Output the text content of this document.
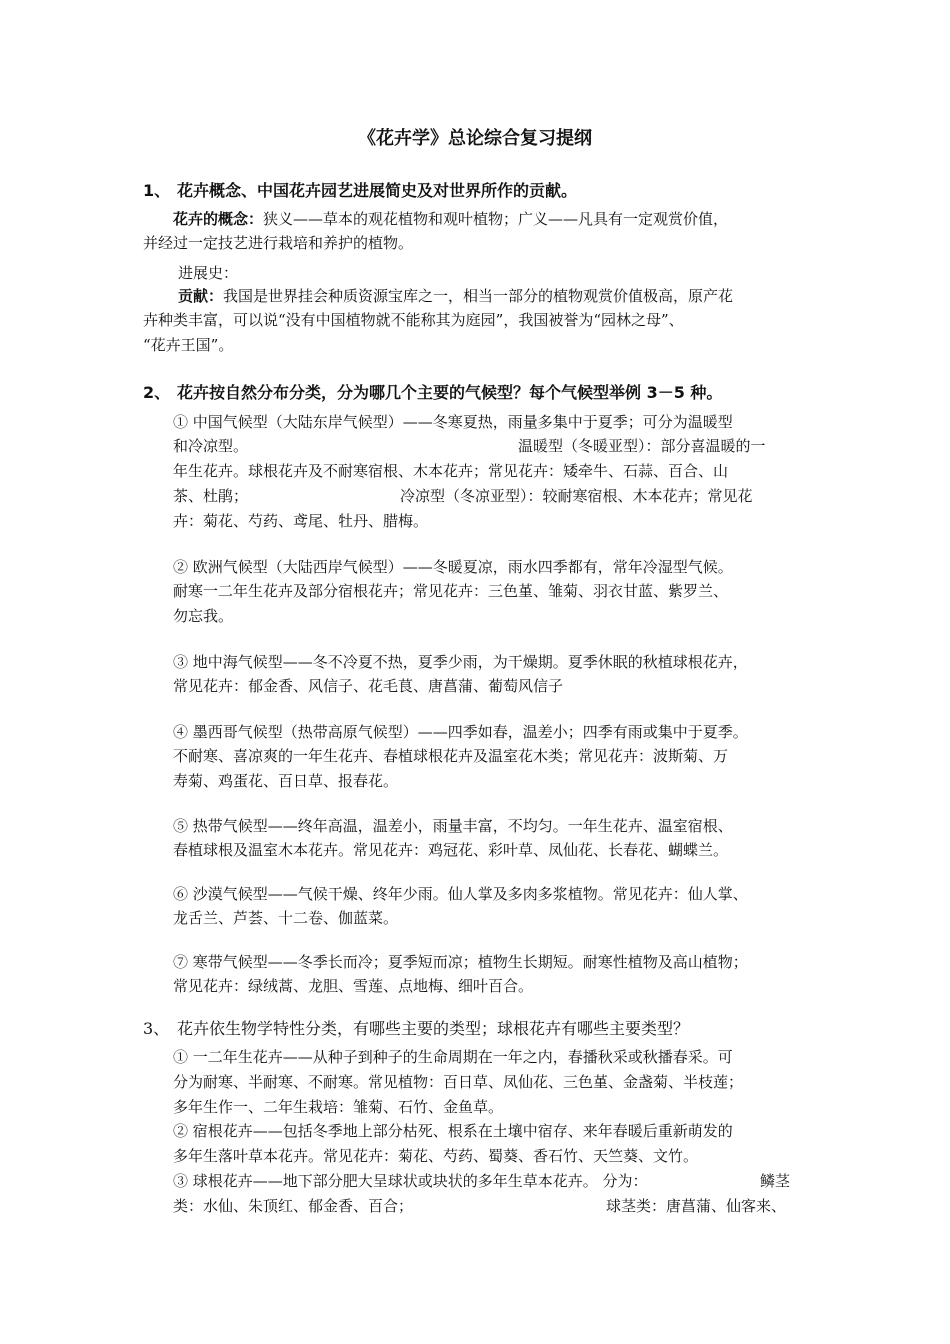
《花卉学》总论综合复习提纲
1、 花卉概念、中国花卉园艺进展简史及对世界所作的贡献。
花卉的概念：狭义——草本的观花植物和观叶植物；广义——凡具有一定观赏价值，
并经过一定技艺进行栽培和养护的植物。
进展史：
贡献：我国是世界挂会种质资源宝库之一，相当一部分的植物观赏价值极高，原产花
卉种类丰富，可以说“没有中国植物就不能称其为庭园”，我国被誉为“园林之母”、
“花卉王国”。
2、 花卉按自然分布分类，分为哪几个主要的气候型？每个气候型举例 3－5 种。
① 中国气候型（大陆东岸气候型）——冬寒夏热，雨量多集中于夏季；可分为温暖型
和冷凉型。	温暖型（冬暖亚型）：部分喜温暖的一
年生花卉。球根花卉及不耐寒宿根、木本花卉；常见花卉：矮牵牛、石蒜、百合、山
茶、杜鹃；	冷凉型（冬凉亚型）：较耐寒宿根、木本花卉；常见花
卉：菊花、芍药、鸢尾、牡丹、腊梅。
② 欧洲气候型（大陆西岸气候型）——冬暖夏凉，雨水四季都有，常年冷湿型气候。
耐寒一二年生花卉及部分宿根花卉；常见花卉：三色堇、雏菊、羽衣甘蓝、紫罗兰、
勿忘我。
③ 地中海气候型——冬不冷夏不热，夏季少雨，为干燥期。夏季休眠的秋植球根花卉，
常见花卉：郁金香、风信子、花毛茛、唐菖蒲、葡萄风信子
④ 墨西哥气候型（热带高原气候型）——四季如春，温差小；四季有雨或集中于夏季。
不耐寒、喜凉爽的一年生花卉、春植球根花卉及温室花木类；常见花卉：波斯菊、万
寿菊、鸡蛋花、百日草、报春花。
⑤ 热带气候型——终年高温，温差小，雨量丰富，不均匀。一年生花卉、温室宿根、
春植球根及温室木本花卉。常见花卉：鸡冠花、彩叶草、凤仙花、长春花、蝴蝶兰。
⑥ 沙漠气候型——气候干燥、终年少雨。仙人掌及多肉多浆植物。常见花卉：仙人掌、
龙舌兰、芦荟、十二卷、伽蓝菜。
⑦ 寒带气候型——冬季长而冷；夏季短而凉；植物生长期短。耐寒性植物及高山植物；
常见花卉：绿绒蒿、龙胆、雪莲、点地梅、细叶百合。
3、 花卉依生物学特性分类，有哪些主要的类型；球根花卉有哪些主要类型？
① 一二年生花卉——从种子到种子的生命周期在一年之内，春播秋采或秋播春采。可
分为耐寒、半耐寒、不耐寒。常见植物：百日草、凤仙花、三色堇、金盏菊、半枝莲；
多年生作一、二年生栽培：雏菊、石竹、金鱼草。
② 宿根花卉——包括冬季地上部分枯死、根系在土壤中宿存、来年春暖后重新萌发的
多年生落叶草本花卉。常见花卉：菊花、芍药、蜀葵、香石竹、天竺葵、文竹。
③ 球根花卉——地下部分肥大呈球状或块状的多年生草本花卉。 分为：	鳞茎
类：水仙、朱顶红、郁金香、百合；	球茎类：唐菖蒲、仙客来、
